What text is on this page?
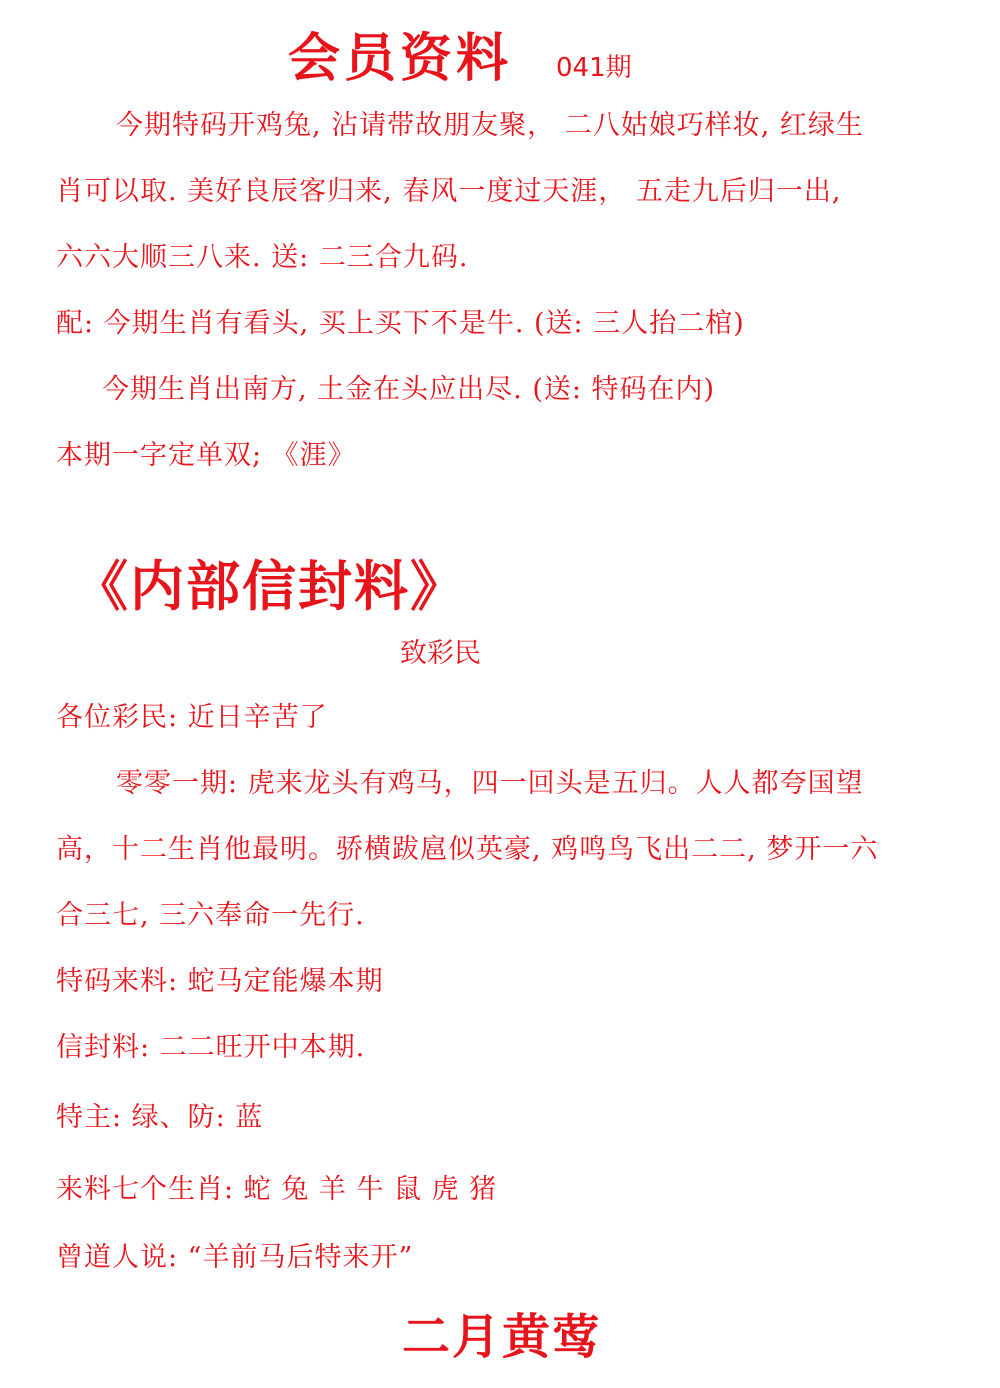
会员资料 041期
今期特码开鸡兔, 沾请带故朋友聚， 二八姑娘巧样妆, 红绿生
肖可以取. 美好良辰客归来, 春风一度过天涯， 五走九后归一出,
六六大顺三八来. 送: 二三合九码.
配: 今期生肖有看头, 买上买下不是牛. (送: 三人抬二棺)
今期生肖出南方, 土金在头应出尽. (送: 特码在内)
本期一字定单双; 《涯》
《内部信封料》
致彩民
各位彩民: 近日辛苦了
零零一期: 虎来龙头有鸡马，四一回头是五归。人人都夸国望
高，十二生肖他最明。骄横跋扈似英豪, 鸡鸣鸟飞出二二, 梦开一六
合三七, 三六奉命一先行.
特码来料: 蛇马定能爆本期
信封料: 二二旺开中本期.
特主: 绿、防: 蓝
来料七个生肖: 蛇 兔 羊 牛 鼠 虎 猪
曾道人说: “羊前马后特来开”
二月黄莺
